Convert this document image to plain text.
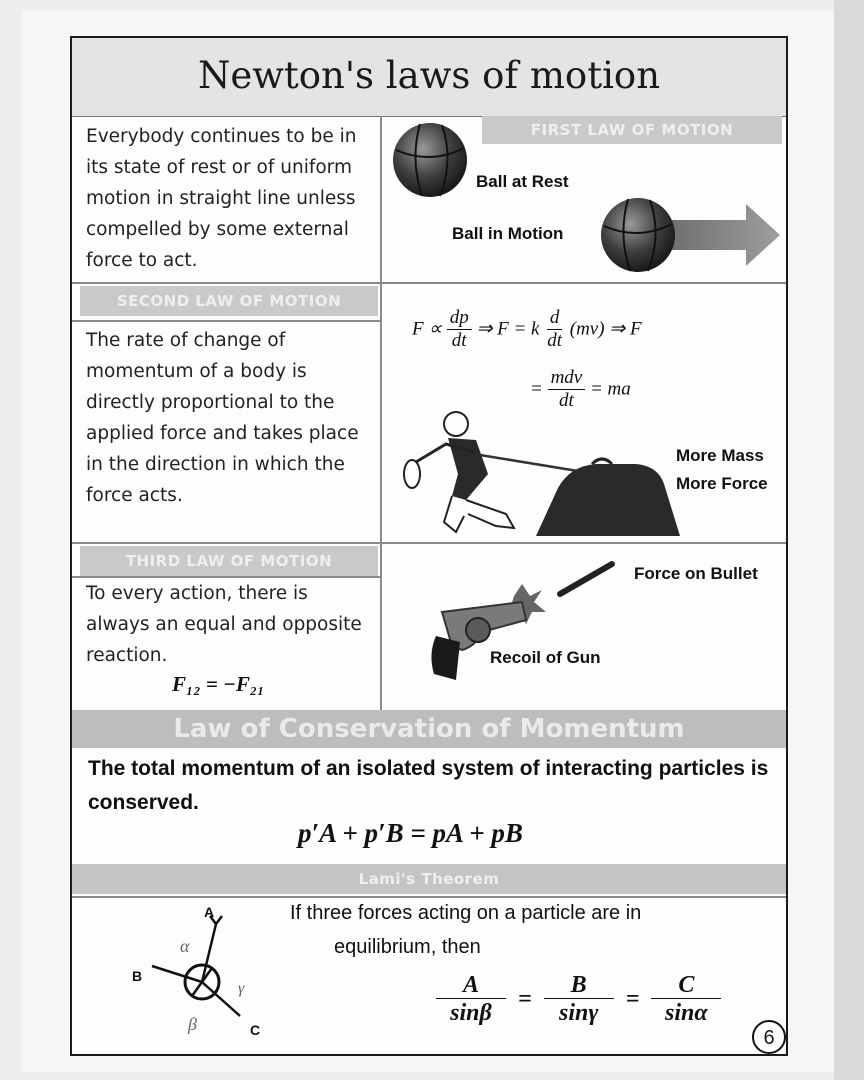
Newton's laws of motion
Everybody continues to be in its state of rest or of uniform motion in straight line unless compelled by some external force to act.
FIRST LAW OF MOTION
Ball at Rest
Ball in Motion
SECOND LAW OF MOTION
The rate of change of momentum of a body is directly proportional to the applied force and takes place in the direction in which the force acts.
$F \propto \frac{dp}{dt}$ ⇒ F = k $\frac{d}{dt} (mv)$ ⇒ F
= $\frac{\text{mdv}}{dt}$ = ma
More Mass
More Force
THIRD LAW OF MOTION
To every action, there is always an equal and opposite reaction.
F₁₂ = −F₂₁
Force on Bullet
Recoil of Gun
Law of Conservation of Momentum
The total momentum of an isolated system of interacting particles is conserved.
p′A + p′B = pA + pB
Lami's Theorem
A
B
C
α
β
γ
If three forces acting on a particle are in
equilibrium, then
$\frac{A}{\sin\beta} = \frac{B}{\sin\gamma} = \frac{C}{\sin\alpha}$
6
